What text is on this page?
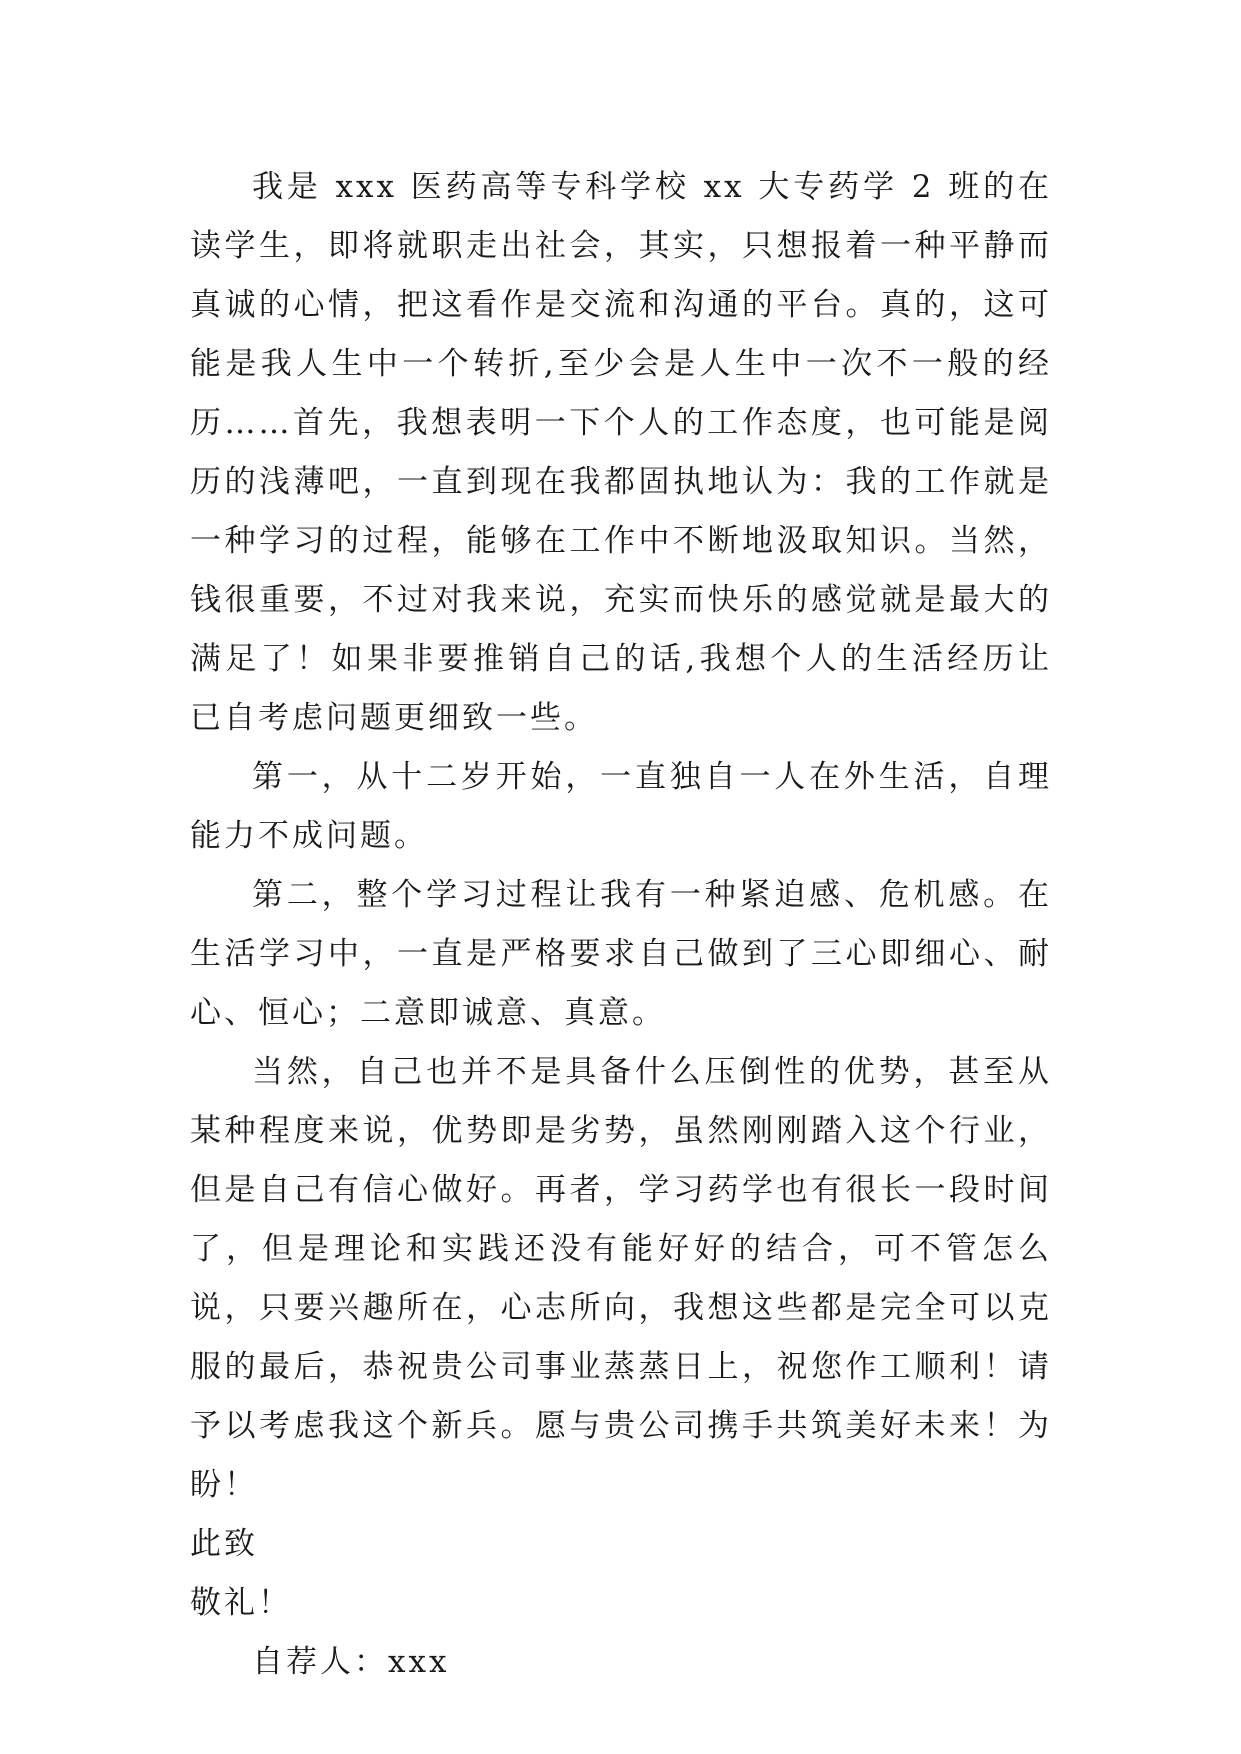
我是 xxx 医药高等专科学校 xx 大专药学 2 班的在读学生，即将就职走出社会，其实，只想报着一种平静而真诚的心情，把这看作是交流和沟通的平台。真的，这可能是我人生中一个转折,至少会是人生中一次不一般的经历……首先，我想表明一下个人的工作态度，也可能是阅历的浅薄吧，一直到现在我都固执地认为：我的工作就是一种学习的过程，能够在工作中不断地汲取知识。当然，钱很重要，不过对我来说，充实而快乐的感觉就是最大的满足了！如果非要推销自己的话,我想个人的生活经历让已自考虑问题更细致一些。

第一，从十二岁开始，一直独自一人在外生活，自理能力不成问题。

第二，整个学习过程让我有一种紧迫感、危机感。在生活学习中，一直是严格要求自己做到了三心即细心、耐心、恒心；二意即诚意、真意。

当然，自己也并不是具备什么压倒性的优势，甚至从某种程度来说，优势即是劣势，虽然刚刚踏入这个行业，但是自己有信心做好。再者，学习药学也有很长一段时间了，但是理论和实践还没有能好好的结合，可不管怎么说，只要兴趣所在，心志所向，我想这些都是完全可以克服的最后，恭祝贵公司事业蒸蒸日上，祝您作工顺利！请予以考虑我这个新兵。愿与贵公司携手共筑美好未来！为盼！

此致

敬礼！

自荐人：xxx
